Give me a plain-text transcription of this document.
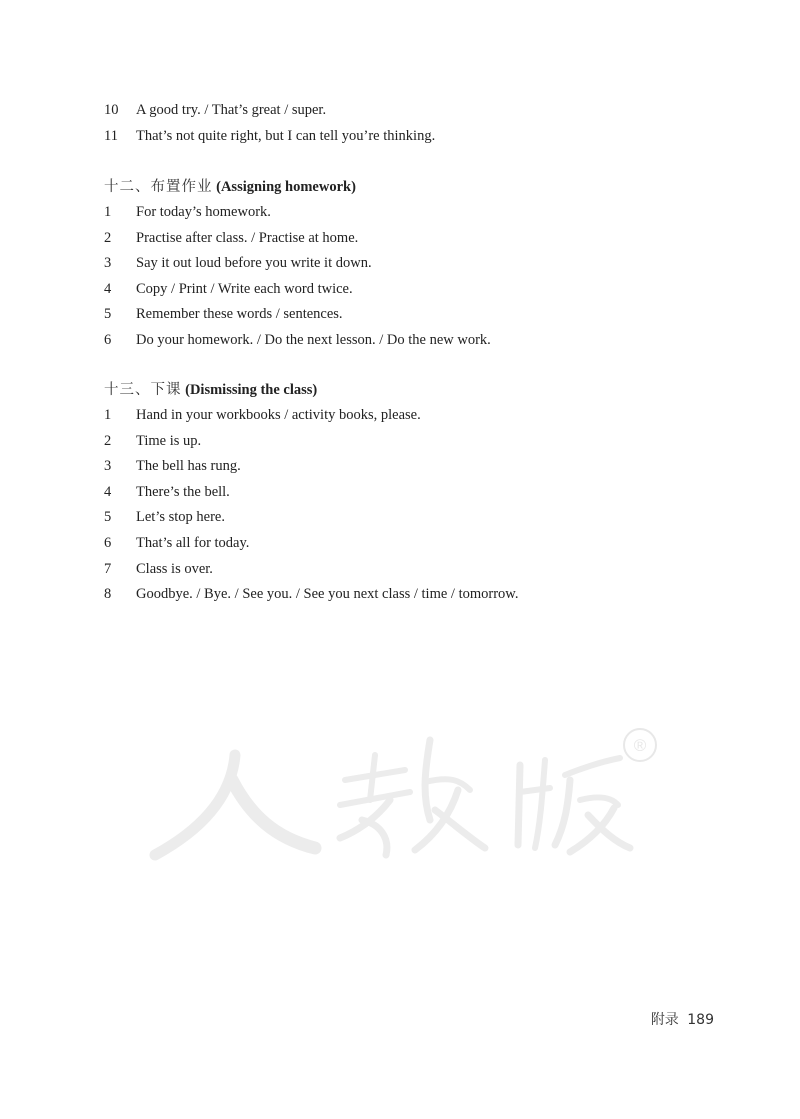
10 A good try. / That’s great / super.
11 That’s not quite right, but I can tell you’re thinking.
十二、布置作业 (Assigning homework)
1 For today’s homework.
2 Practise after class. / Practise at home.
3 Say it out loud before you write it down.
4 Copy / Print / Write each word twice.
5 Remember these words / sentences.
6 Do your homework. / Do the next lesson. / Do the new work.
十三、下课 (Dismissing the class)
1 Hand in your workbooks / activity books, please.
2 Time is up.
3 The bell has rung.
4 There’s the bell.
5 Let’s stop here.
6 That’s all for today.
7 Class is over.
8 Goodbye. / Bye. / See you. / See you next class / time / tomorrow.
®
附录 189
